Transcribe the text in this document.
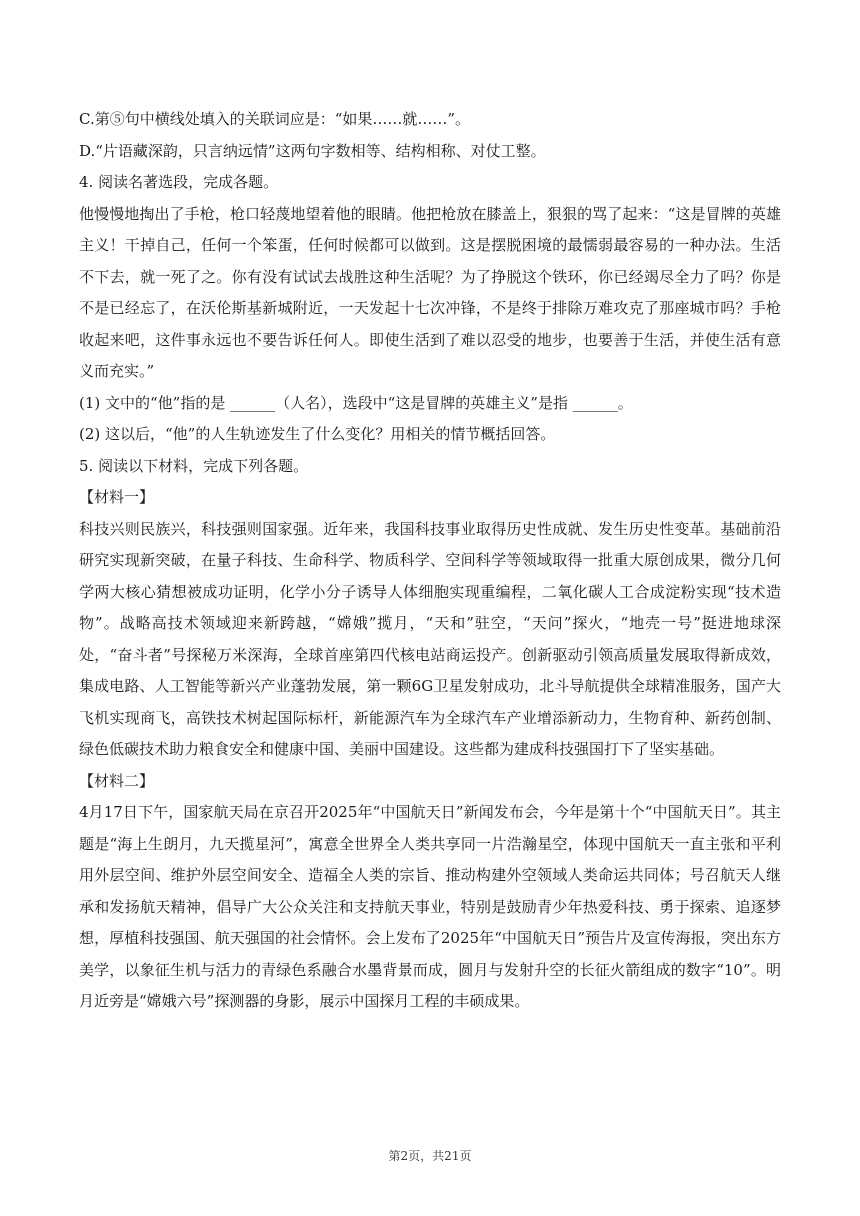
C.第⑤句中横线处填入的关联词应是：“如果……就……”。

D.“片语藏深韵，只言纳远情”这两句字数相等、结构相称、对仗工整。

4. 阅读名著选段，完成各题。

他慢慢地掏出了手枪，枪口轻蔑地望着他的眼睛。他把枪放在膝盖上，狠狠的骂了起来：“这是冒牌的英雄主义！干掉自己，任何一个笨蛋，任何时候都可以做到。这是摆脱困境的最懦弱最容易的一种办法。生活不下去，就一死了之。你有没有试试去战胜这种生活呢？为了挣脱这个铁环，你已经竭尽全力了吗？你是不是已经忘了，在沃伦斯基新城附近，一天发起十七次冲锋，不是终于排除万难攻克了那座城市吗？手枪收起来吧，这件事永远也不要告诉任何人。即使生活到了难以忍受的地步，也要善于生活，并使生活有意义而充实。”

(1) 文中的“他”指的是 ______（人名），选段中“这是冒牌的英雄主义”是指 ______。

(2) 这以后，“他”的人生轨迹发生了什么变化？用相关的情节概括回答。

5. 阅读以下材料，完成下列各题。

【材料一】

科技兴则民族兴，科技强则国家强。近年来，我国科技事业取得历史性成就、发生历史性变革。基础前沿研究实现新突破，在量子科技、生命科学、物质科学、空间科学等领域取得一批重大原创成果，微分几何学两大核心猜想被成功证明，化学小分子诱导人体细胞实现重编程，二氧化碳人工合成淀粉实现“技术造物”。战略高技术领域迎来新跨越，“嫦娥”揽月，“天和”驻空，“天问”探火，“地壳一号”挺进地球深处，“奋斗者”号探秘万米深海，全球首座第四代核电站商运投产。创新驱动引领高质量发展取得新成效，集成电路、人工智能等新兴产业蓬勃发展，第一颗6G卫星发射成功，北斗导航提供全球精准服务，国产大飞机实现商飞，高铁技术树起国际标杆，新能源汽车为全球汽车产业增添新动力，生物育种、新药创制、绿色低碳技术助力粮食安全和健康中国、美丽中国建设。这些都为建成科技强国打下了坚实基础。

【材料二】

4月17日下午，国家航天局在京召开2025年“中国航天日”新闻发布会，今年是第十个“中国航天日”。其主题是“海上生朗月，九天揽星河”，寓意全世界全人类共享同一片浩瀚星空，体现中国航天一直主张和平利用外层空间、维护外层空间安全、造福全人类的宗旨、推动构建外空领域人类命运共同体；号召航天人继承和发扬航天精神，倡导广大公众关注和支持航天事业，特别是鼓励青少年热爱科技、勇于探索、追逐梦想，厚植科技强国、航天强国的社会情怀。会上发布了2025年“中国航天日”预告片及宣传海报，突出东方美学，以象征生机与活力的青绿色系融合水墨背景而成，圆月与发射升空的长征火箭组成的数字“10”。明月近旁是“嫦娥六号”探测器的身影，展示中国探月工程的丰硕成果。

第2页，共21页
